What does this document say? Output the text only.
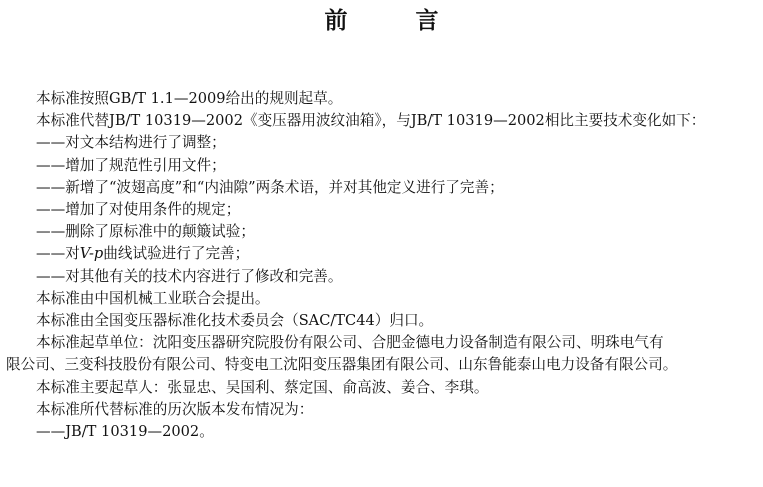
前 言

本标准按照GB/T 1.1—2009给出的规则起草。

本标准代替JB/T 10319—2002《变压器用波纹油箱》，与JB/T 10319—2002相比主要技术变化如下：

——对文本结构进行了调整；

——增加了规范性引用文件；

——新增了“波翅高度”和“内油隙”两条术语，并对其他定义进行了完善；

——增加了对使用条件的规定；

——删除了原标准中的颠簸试验；

——对V-p曲线试验进行了完善；

——对其他有关的技术内容进行了修改和完善。

本标准由中国机械工业联合会提出。

本标准由全国变压器标准化技术委员会（SAC/TC44）归口。

本标准起草单位：沈阳变压器研究院股份有限公司、合肥金德电力设备制造有限公司、明珠电气有
限公司、三变科技股份有限公司、特变电工沈阳变压器集团有限公司、山东鲁能泰山电力设备有限公司。

本标准主要起草人：张显忠、吴国利、蔡定国、俞高波、姜合、李琪。

本标准所代替标准的历次版本发布情况为：

——JB/T 10319—2002。
